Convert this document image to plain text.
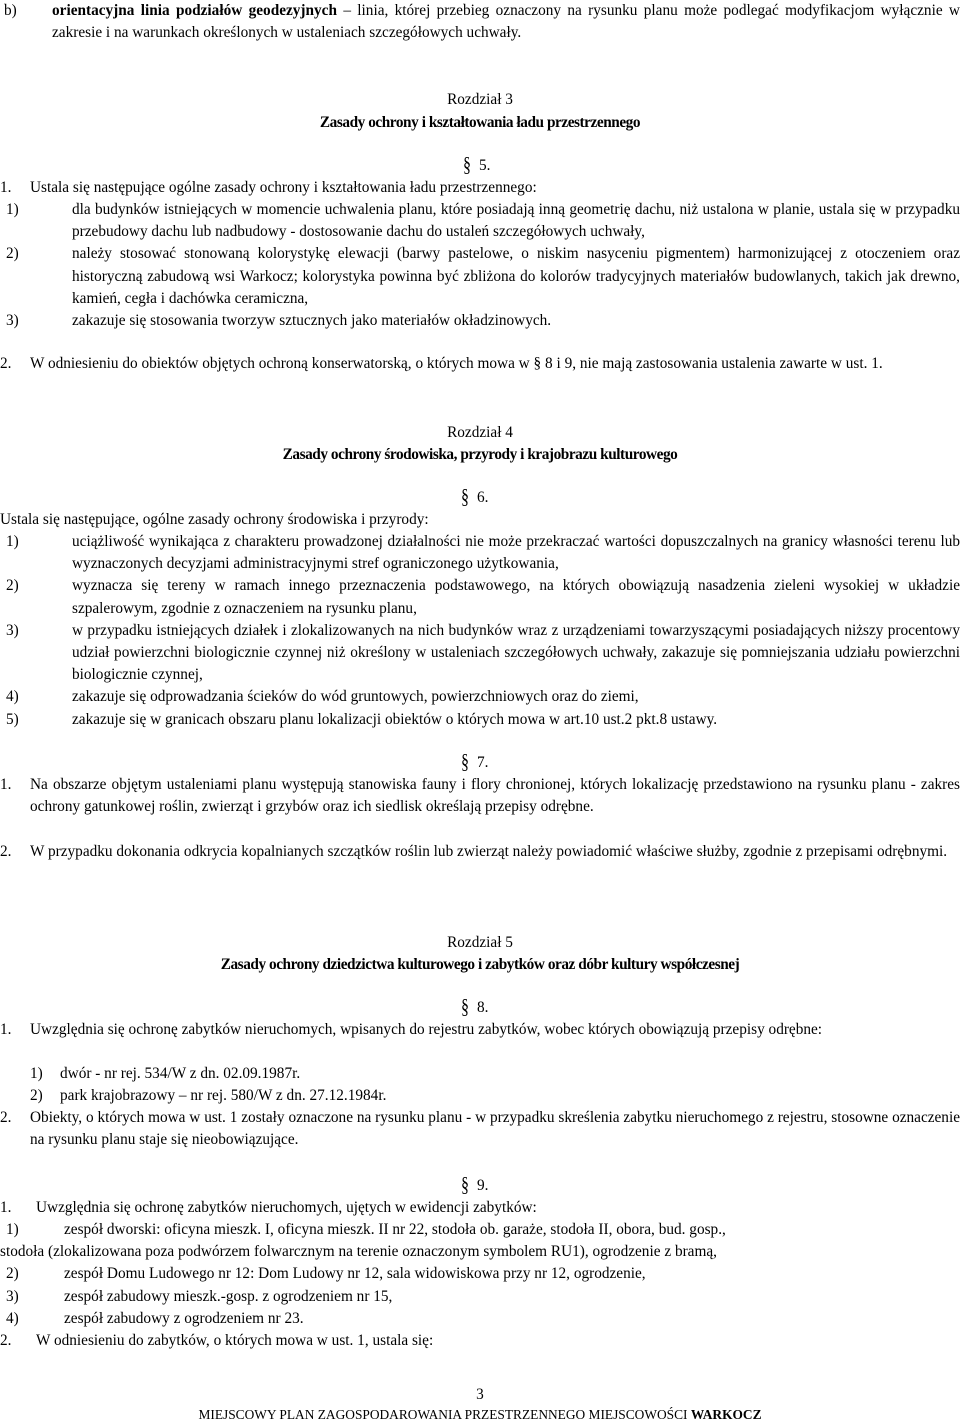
b)	orientacyjna linia podziałów geodezyjnych – linia, której przebieg oznaczony na rysunku planu może podlegać modyfikacjom wyłącznie w zakresie i na warunkach określonych w ustaleniach szczegółowych uchwały.
Rozdział 3
Zasady ochrony i kształtowania ładu przestrzennego
§ 5.
1. Ustala się następujące ogólne zasady ochrony i kształtowania ładu przestrzennego:
1)	dla budynków istniejących w momencie uchwalenia planu, które posiadają inną geometrię dachu, niż ustalona w planie, ustala się w przypadku przebudowy dachu lub nadbudowy - dostosowanie dachu do ustaleń szczegółowych uchwały,
2)	należy stosować stonowaną kolorystykę elewacji (barwy pastelowe, o niskim nasyceniu pigmentem) harmonizującej z otoczeniem oraz historyczną zabudową wsi Warkocz; kolorystyka powinna być zbliżona do kolorów tradycyjnych materiałów budowlanych, takich jak drewno, kamień, cegła i dachówka ceramiczna,
3)	zakazuje się stosowania tworzyw sztucznych jako materiałów okładzinowych.
2.	W odniesieniu do obiektów objętych ochroną konserwatorską, o których mowa w § 8 i 9, nie mają zastosowania ustalenia zawarte w ust. 1.
Rozdział 4
Zasady ochrony środowiska, przyrody i krajobrazu kulturowego
§ 6.
Ustala się następujące, ogólne zasady ochrony środowiska i przyrody:
1)	uciążliwość wynikająca z charakteru prowadzonej działalności nie może przekraczać wartości dopuszczalnych na granicy własności terenu lub wyznaczonych decyzjami administracyjnymi stref ograniczonego użytkowania,
2)	wyznacza się tereny w ramach innego przeznaczenia podstawowego, na których obowiązują nasadzenia zieleni wysokiej w układzie szpalerowym, zgodnie z oznaczeniem na rysunku planu,
3)	w przypadku istniejących działek i zlokalizowanych na nich budynków wraz z urządzeniami towarzyszącymi posiadających niższy procentowy udział powierzchni biologicznie czynnej niż określony w ustaleniach szczegółowych uchwały, zakazuje się pomniejszania udziału powierzchni biologicznie czynnej,
4)	zakazuje się odprowadzania ścieków do wód gruntowych, powierzchniowych oraz do ziemi,
5)	zakazuje się w granicach obszaru planu lokalizacji obiektów o których mowa w art.10 ust.2 pkt.8 ustawy.
§ 7.
1.	Na obszarze objętym ustaleniami planu występują stanowiska fauny i flory chronionej, których lokalizację przedstawiono na rysunku planu - zakres ochrony gatunkowej roślin, zwierząt i grzybów oraz ich siedlisk określają przepisy odrębne.
2.	W przypadku dokonania odkrycia kopalnianych szczątków roślin lub zwierząt należy powiadomić właściwe służby, zgodnie z przepisami odrębnymi.
Rozdział 5
Zasady ochrony dziedzictwa kulturowego i zabytków oraz dóbr kultury współczesnej
§ 8.
1.	Uwzględnia się ochronę zabytków nieruchomych, wpisanych do rejestru zabytków, wobec których obowiązują przepisy odrębne:
1)	dwór - nr rej. 534/W z dn. 02.09.1987r.
2)	park krajobrazowy – nr rej. 580/W z dn. 27.12.1984r.
2.	Obiekty, o których mowa w ust. 1 zostały oznaczone na rysunku planu - w przypadku skreślenia zabytku nieruchomego z rejestru, stosowne oznaczenie na rysunku planu staje się nieobowiązujące.
§ 9.
1. Uwzględnia się ochronę zabytków nieruchomych, ujętych w ewidencji zabytków:
1)	zespół dworski: oficyna mieszk. I, oficyna mieszk. II nr 22, stodoła ob. garaże, stodoła II, obora, bud. gosp.,
stodoła (zlokalizowana poza podwórzem folwarcznym na terenie oznaczonym symbolem RU1), ogrodzenie z bramą,
2)	zespół Domu Ludowego nr 12: Dom Ludowy nr 12, sala widowiskowa przy nr 12, ogrodzenie,
3)	zespół zabudowy mieszk.-gosp. z ogrodzeniem nr 15,
4)	zespół zabudowy z ogrodzeniem nr 23.
2. W odniesieniu do zabytków, o których mowa w ust. 1, ustala się:
3
MIEJSCOWY PLAN ZAGOSPODAROWANIA PRZESTRZENNEGO MIEJSCOWOŚCI WARKOCZ
